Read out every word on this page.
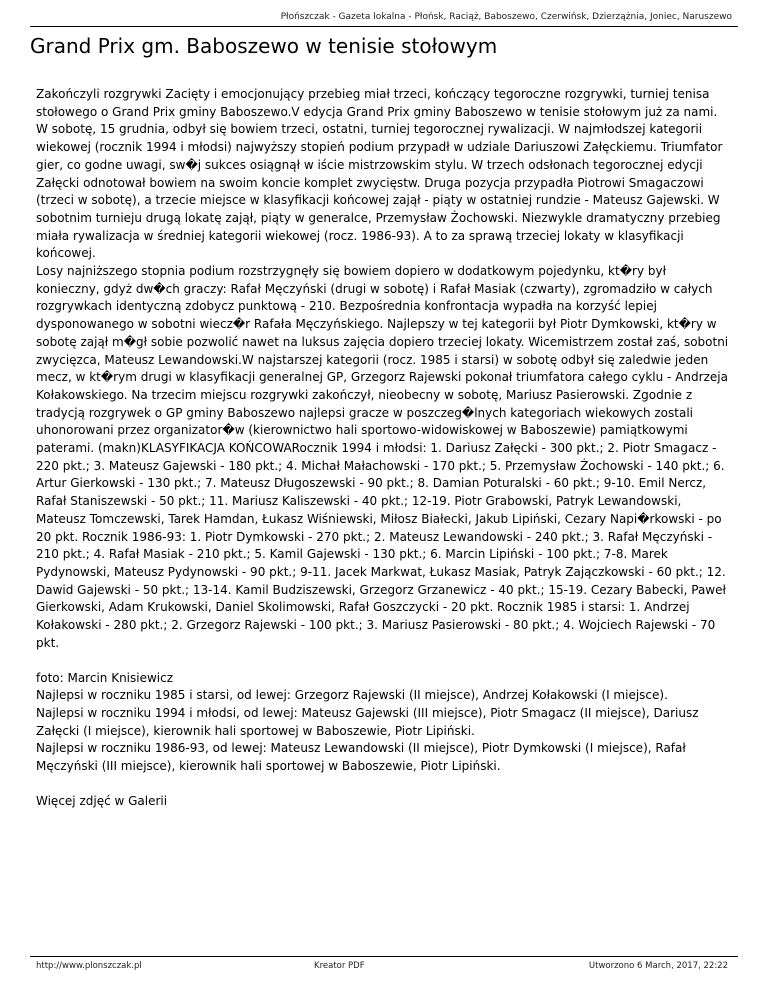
Płońszczak - Gazeta lokalna - Płońsk, Raciąż, Baboszewo, Czerwińsk, Dzierzążnia, Joniec, Naruszewo
Grand Prix gm. Baboszewo w tenisie stołowym

Zakończyli rozgrywki Zacięty i emocjonujący przebieg miał trzeci, kończący tegoroczne rozgrywki, turniej tenisa stołowego o Grand Prix gminy Baboszewo.V edycja Grand Prix gminy Baboszewo w tenisie stołowym już za nami. W sobotę, 15 grudnia, odbył się bowiem trzeci, ostatni, turniej tegorocznej rywalizacji. W najmłodszej kategorii wiekowej (rocznik 1994 i młodsi) najwyższy stopień podium przypadł w udziale Dariuszowi Załęckiemu. Triumfator gier, co godne uwagi, sw�j sukces osiągnął w iście mistrzowskim stylu. W trzech odsłonach tegorocznej edycji Załęcki odnotował bowiem na swoim koncie komplet zwycięstw. Druga pozycja przypadła Piotrowi Smagaczowi (trzeci w sobotę), a trzecie miejsce w klasyfikacji końcowej zajął - piąty w ostatniej rundzie - Mateusz Gajewski. W sobotnim turnieju drugą lokatę zajął, piąty w generalce, Przemysław Żochowski. Niezwykle dramatyczny przebieg miała rywalizacja w średniej kategorii wiekowej (rocz. 1986-93). A to za sprawą trzeciej lokaty w klasyfikacji końcowej.

Losy najniższego stopnia podium rozstrzygnęły się bowiem dopiero w dodatkowym pojedynku, kt�ry był konieczny, gdyż dw�ch graczy: Rafał Męczyński (drugi w sobotę) i Rafał Masiak (czwarty), zgromadziło w całych rozgrywkach identyczną zdobycz punktową - 210. Bezpośrednia konfrontacja wypadła na korzyść lepiej dysponowanego w sobotni wiecz�r Rafała Męczyńskiego. Najlepszy w tej kategorii był Piotr Dymkowski, kt�ry w sobotę zajął m�gł sobie pozwolić nawet na luksus zajęcia dopiero trzeciej lokaty. Wicemistrzem został zaś, sobotni zwycięzca, Mateusz Lewandowski.W najstarszej kategorii (rocz. 1985 i starsi) w sobotę odbył się zaledwie jeden mecz, w kt�rym drugi w klasyfikacji generalnej GP, Grzegorz Rajewski pokonał triumfatora całego cyklu - Andrzeja Kołakowskiego. Na trzecim miejscu rozgrywki zakończył, nieobecny w sobotę, Mariusz Pasierowski. Zgodnie z tradycją rozgrywek o GP gminy Baboszewo najlepsi gracze w poszczeg�lnych kategoriach wiekowych zostali uhonorowani przez organizator�w (kierownictwo hali sportowo-widowiskowej w Baboszewie) pamiątkowymi paterami. (makn)KLASYFIKACJA KOŃCOWARocznik 1994 i młodsi: 1. Dariusz Załęcki - 300 pkt.; 2. Piotr Smagacz - 220 pkt.; 3. Mateusz Gajewski - 180 pkt.; 4. Michał Małachowski - 170 pkt.; 5. Przemysław Żochowski - 140 pkt.; 6. Artur Gierkowski - 130 pkt.; 7. Mateusz Długoszewski - 90 pkt.; 8. Damian Poturalski - 60 pkt.; 9-10. Emil Nercz, Rafał Staniszewski - 50 pkt.; 11. Mariusz Kaliszewski - 40 pkt.; 12-19. Piotr Grabowski, Patryk Lewandowski, Mateusz Tomczewski, Tarek Hamdan, Łukasz Wiśniewski, Miłosz Białecki, Jakub Lipiński, Cezary Napi�rkowski - po 20 pkt. Rocznik 1986-93: 1. Piotr Dymkowski - 270 pkt.; 2. Mateusz Lewandowski - 240 pkt.; 3. Rafał Męczyński - 210 pkt.; 4. Rafał Masiak - 210 pkt.; 5. Kamil Gajewski - 130 pkt.; 6. Marcin Lipiński - 100 pkt.; 7-8. Marek Pydynowski, Mateusz Pydynowski - 90 pkt.; 9-11. Jacek Markwat, Łukasz Masiak, Patryk Zajączkowski - 60 pkt.; 12. Dawid Gajewski - 50 pkt.; 13-14. Kamil Budziszewski, Grzegorz Grzanewicz - 40 pkt.; 15-19. Cezary Babecki, Paweł Gierkowski, Adam Krukowski, Daniel Skolimowski, Rafał Goszczycki - 20 pkt. Rocznik 1985 i starsi: 1. Andrzej Kołakowski - 280 pkt.; 2. Grzegorz Rajewski - 100 pkt.; 3. Mariusz Pasierowski - 80 pkt.; 4. Wojciech Rajewski - 70 pkt.

foto: Marcin Knisiewicz

Najlepsi w roczniku 1985 i starsi, od lewej: Grzegorz Rajewski (II miejsce), Andrzej Kołakowski (I miejsce).

Najlepsi w roczniku 1994 i młodsi, od lewej: Mateusz Gajewski (III miejsce), Piotr Smagacz (II miejsce), Dariusz Załęcki (I miejsce), kierownik hali sportowej w Baboszewie, Piotr Lipiński.

Najlepsi w roczniku 1986-93, od lewej: Mateusz Lewandowski (II miejsce), Piotr Dymkowski (I miejsce), Rafał Męczyński (III miejsce), kierownik hali sportowej w Baboszewie, Piotr Lipiński.

Więcej zdjęć w Galerii

http://www.plonszczak.pl	Kreator PDF	Utworzono 6 March, 2017, 22:22
